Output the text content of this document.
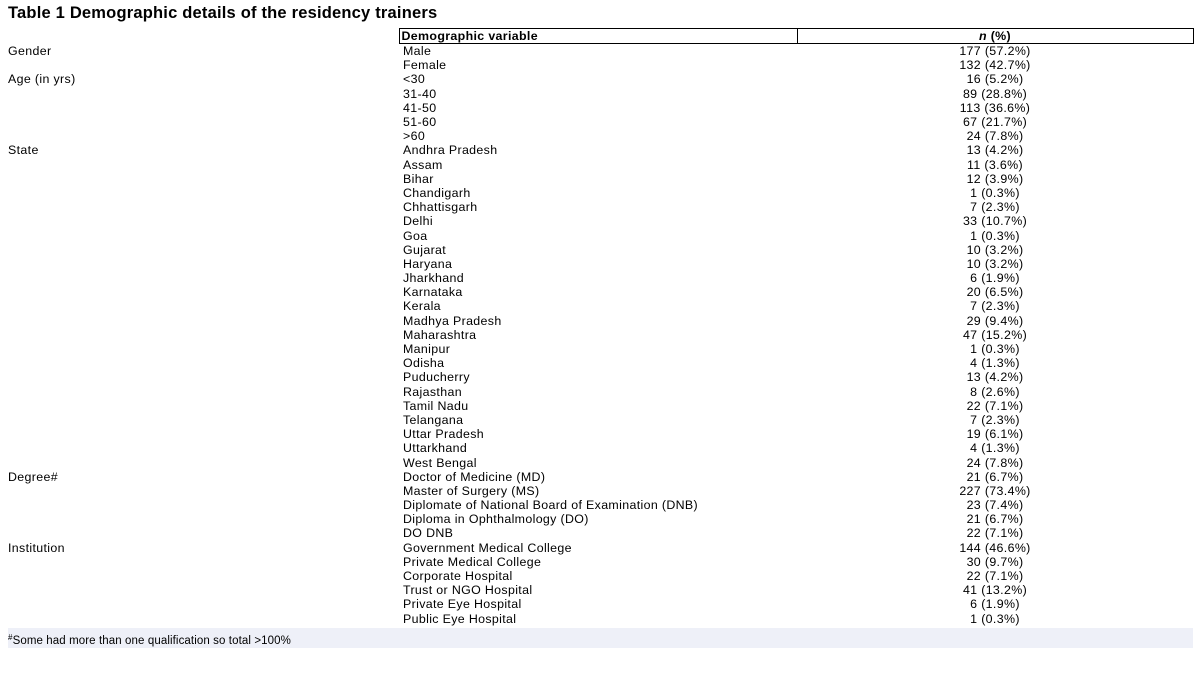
Table 1 Demographic details of the residency trainers
	Demographic variable	n (%)
Gender	Male	177 (57.2%)
	Female	132 (42.7%)
Age (in yrs)	<30	16 (5.2%)
	31-40	89 (28.8%)
	41-50	113 (36.6%)
	51-60	67 (21.7%)
	>60	24 (7.8%)
State	Andhra Pradesh	13 (4.2%)
	Assam	11 (3.6%)
	Bihar	12 (3.9%)
	Chandigarh	1 (0.3%)
	Chhattisgarh	7 (2.3%)
	Delhi	33 (10.7%)
	Goa	1 (0.3%)
	Gujarat	10 (3.2%)
	Haryana	10 (3.2%)
	Jharkhand	6 (1.9%)
	Karnataka	20 (6.5%)
	Kerala	7 (2.3%)
	Madhya Pradesh	29 (9.4%)
	Maharashtra	47 (15.2%)
	Manipur	1 (0.3%)
	Odisha	4 (1.3%)
	Puducherry	13 (4.2%)
	Rajasthan	8 (2.6%)
	Tamil Nadu	22 (7.1%)
	Telangana	7 (2.3%)
	Uttar Pradesh	19 (6.1%)
	Uttarkhand	4 (1.3%)
	West Bengal	24 (7.8%)
Degree#	Doctor of Medicine (MD)	21 (6.7%)
	Master of Surgery (MS)	227 (73.4%)
	Diplomate of National Board of Examination (DNB)	23 (7.4%)
	Diploma in Ophthalmology (DO)	21 (6.7%)
	DO DNB	22 (7.1%)
Institution	Government Medical College	144 (46.6%)
	Private Medical College	30 (9.7%)
	Corporate Hospital	22 (7.1%)
	Trust or NGO Hospital	41 (13.2%)
	Private Eye Hospital	6 (1.9%)
	Public Eye Hospital	1 (0.3%)
#Some had more than one qualification so total >100%
